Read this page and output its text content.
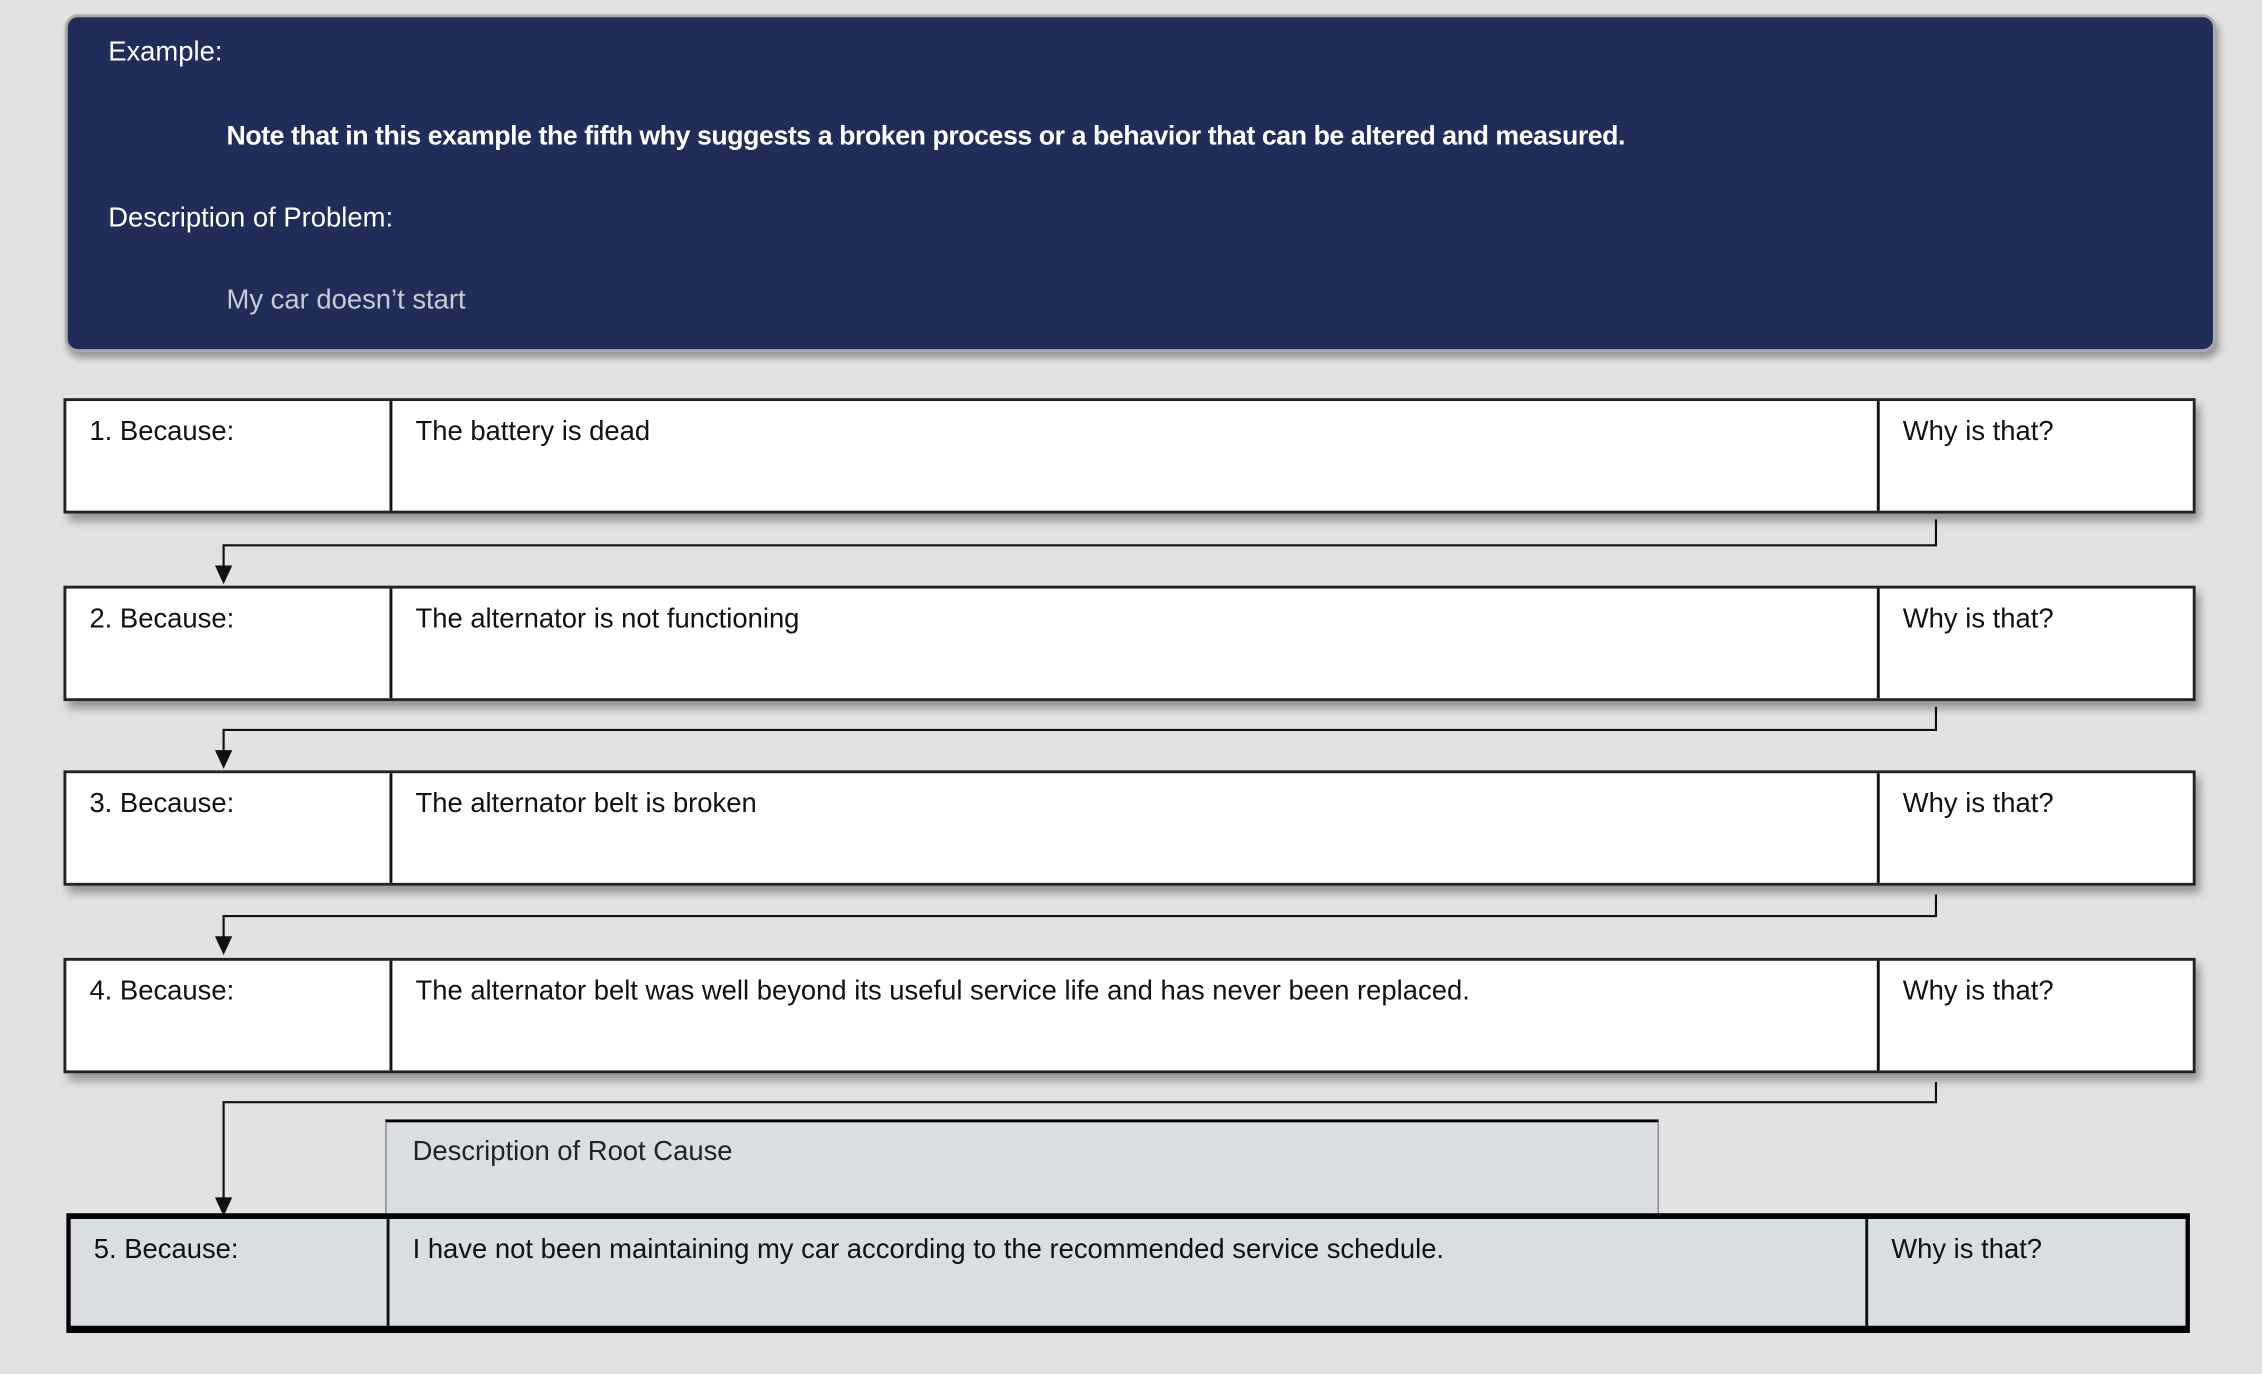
Example:
Note that in this example the fifth why suggests a broken process or a behavior that can be altered and measured.
Description of Problem:
My car doesn’t start
1. Because:	The battery is dead	Why is that?
2. Because:	The alternator is not functioning	Why is that?
3. Because:	The alternator belt is broken	Why is that?
4. Because:	The alternator belt was well beyond its useful service life and has never been replaced.	Why is that?
Description of Root Cause
5. Because:	I have not been maintaining my car according to the recommended service schedule.	Why is that?
